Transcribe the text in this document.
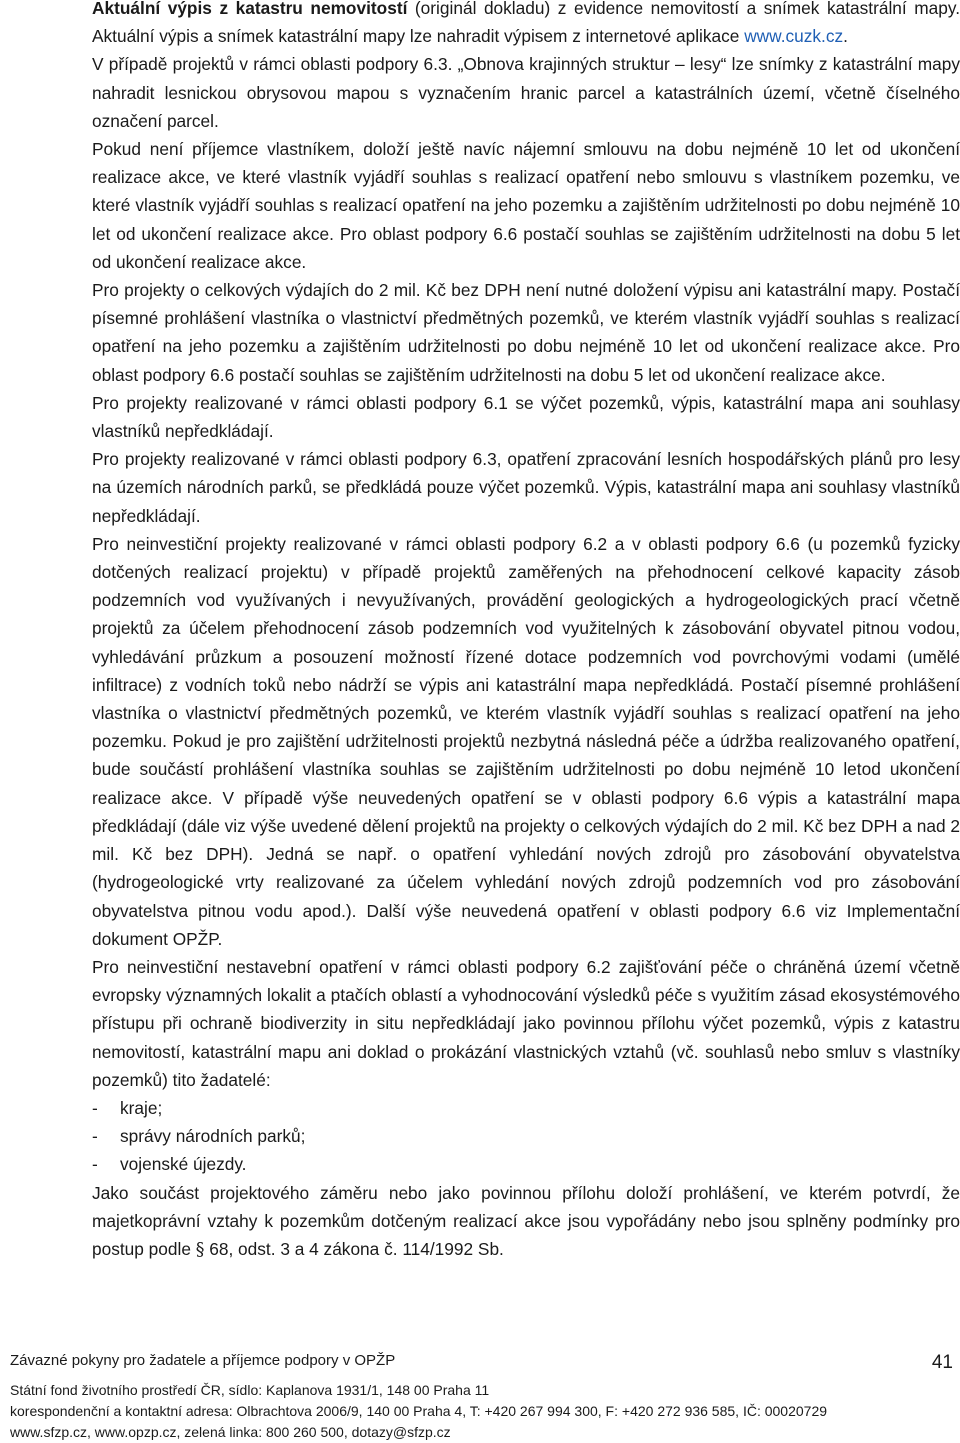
Aktuální výpis z katastru nemovitostí (originál dokladu) z evidence nemovitostí a snímek katastrální mapy. Aktuální výpis a snímek katastrální mapy lze nahradit výpisem z internetové aplikace www.cuzk.cz.

V případě projektů v rámci oblasti podpory 6.3. „Obnova krajinných struktur – lesy“ lze snímky z katastrální mapy nahradit lesnickou obrysovou mapou s vyznačením hranic parcel a katastrálních území, včetně číselného označení parcel.

Pokud není příjemce vlastníkem, doloží ještě navíc nájemní smlouvu na dobu nejméně 10 let od ukončení realizace akce, ve které vlastník vyjádří souhlas s realizací opatření nebo smlouvu s vlastníkem pozemku, ve které vlastník vyjádří souhlas s realizací opatření na jeho pozemku a zajištěním udržitelnosti po dobu nejméně 10 let od ukončení realizace akce. Pro oblast podpory 6.6 postačí souhlas se zajištěním udržitelnosti na dobu 5 let od ukončení realizace akce.

Pro projekty o celkových výdajích do 2 mil. Kč bez DPH není nutné doložení výpisu ani katastrální mapy. Postačí písemné prohlášení vlastníka o vlastnictví předmětných pozemků, ve kterém vlastník vyjádří souhlas s realizací opatření na jeho pozemku a zajištěním udržitelnosti po dobu nejméně 10 let od ukončení realizace akce. Pro oblast podpory 6.6 postačí souhlas se zajištěním udržitelnosti na dobu 5 let od ukončení realizace akce.

Pro projekty realizované v rámci oblasti podpory 6.1 se výčet pozemků, výpis, katastrální mapa ani souhlasy vlastníků nepředkládají.

Pro projekty realizované v rámci oblasti podpory 6.3, opatření zpracování lesních hospodářských plánů pro lesy na územích národních parků, se předkládá pouze výčet pozemků. Výpis, katastrální mapa ani souhlasy vlastníků nepředkládají.

Pro neinvestiční projekty realizované v rámci oblasti podpory 6.2 a v oblasti podpory 6.6 (u pozemků fyzicky dotčených realizací projektu) v případě projektů zaměřených na přehodnocení celkové kapacity zásob podzemních vod využívaných i nevyužívaných, provádění geologických a hydrogeologických prací včetně projektů za účelem přehodnocení zásob podzemních vod využitelných k zásobování obyvatel pitnou vodou, vyhledávání průzkum a posouzení možností řízené dotace podzemních vod povrchovými vodami (umělé infiltrace) z vodních toků nebo nádrží se výpis ani katastrální mapa nepředkládá. Postačí písemné prohlášení vlastníka o vlastnictví předmětných pozemků, ve kterém vlastník vyjádří souhlas s realizací opatření na jeho pozemku. Pokud je pro zajištění udržitelnosti projektů nezbytná následná péče a údržba realizovaného opatření, bude součástí prohlášení vlastníka souhlas se zajištěním udržitelnosti po dobu nejméně 10 letod ukončení realizace akce. V případě výše neuvedených opatření se v oblasti podpory 6.6 výpis a katastrální mapa předkládají (dále viz výše uvedené dělení projektů na projekty o celkových výdajích do 2 mil. Kč bez DPH a nad 2 mil. Kč bez DPH). Jedná se např. o opatření vyhledání nových zdrojů pro zásobování obyvatelstva (hydrogeologické vrty realizované za účelem vyhledání nových zdrojů podzemních vod pro zásobování obyvatelstva pitnou vodu apod.). Další výše neuvedená opatření v oblasti podpory 6.6 viz Implementační dokument OPŽP.

Pro neinvestiční nestavební opatření v rámci oblasti podpory 6.2 zajišťování péče o chráněná území včetně evropsky významných lokalit a ptačích oblastí a vyhodnocování výsledků péče s využitím zásad ekosystémového přístupu při ochraně biodiverzity in situ nepředkládají jako povinnou přílohu výčet pozemků, výpis z katastru nemovitostí, katastrální mapu ani doklad o prokázání vlastnických vztahů (vč. souhlasů nebo smluv s vlastníky pozemků) tito žadatelé:

- kraje;
- správy národních parků;
- vojenské újezdy.

Jako součást projektového záměru nebo jako povinnou přílohu doloží prohlášení, ve kterém potvrdí, že majetkoprávní vztahy k pozemkům dotčeným realizací akce jsou vypořádány nebo jsou splněny podmínky pro postup podle § 68, odst. 3 a 4 zákona č. 114/1992 Sb.

Závazné pokyny pro žadatele a příjemce podpory v OPŽP	41
Státní fond životního prostředí ČR, sídlo: Kaplanova 1931/1, 148 00 Praha 11
korespondenční a kontaktní adresa: Olbrachtova 2006/9, 140 00 Praha 4, T: +420 267 994 300, F: +420 272 936 585, IČ: 00020729
www.sfzp.cz, www.opzp.cz, zelená linka: 800 260 500, dotazy@sfzp.cz
